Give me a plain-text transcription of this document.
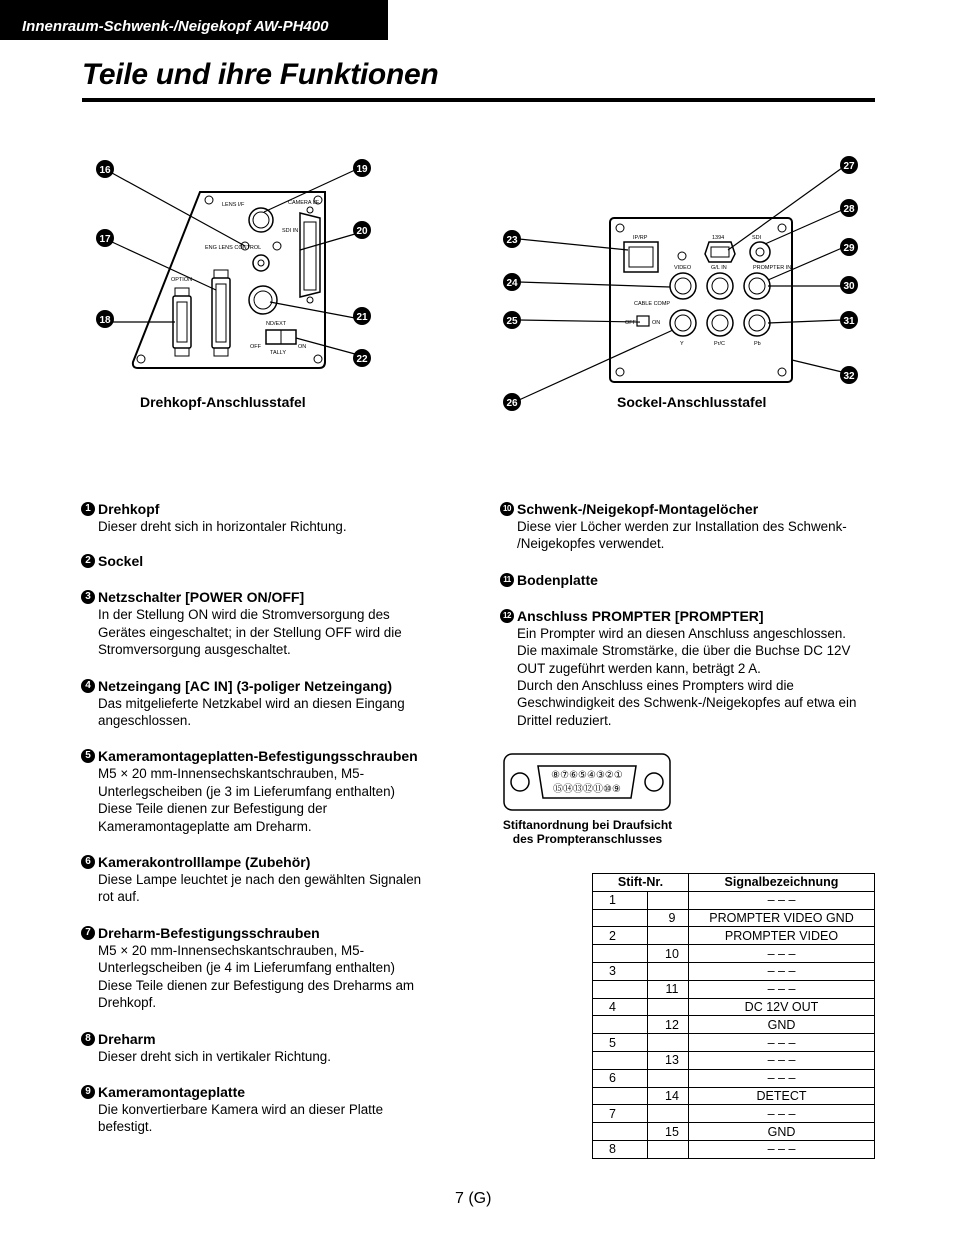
Innenraum-Schwenk-/Neigekopf AW-PH400
Teile und ihre Funktionen
LENS I/F	CAMERA I/F
SDI IN
ENG LENS CONTROL
OPTION
ND/EXT
OFF	ON
TALLY
16
17
18
19
20
21
22
IP/RP	1394	SDI
VIDEO	G/L IN	PROMPTER IN
CABLE COMP
OFF	ON
Y	Pr/C	Pb
23
24
25
26
27
28
29
30
31
32
Drehkopf-Anschlusstafel	Sockel-Anschlusstafel
1 Drehkopf
Dieser dreht sich in horizontaler Richtung.
2 Sockel
3 Netzschalter [POWER ON/OFF]
In der Stellung ON wird die Stromversorgung des
Gerätes eingeschaltet; in der Stellung OFF wird die
Stromversorgung ausgeschaltet.
4 Netzeingang [AC IN] (3-poliger Netzeingang)
Das mitgelieferte Netzkabel wird an diesen Eingang
angeschlossen.
5 Kameramontageplatten-Befestigungsschrauben
M5 × 20 mm-Innensechskantschrauben, M5-
Unterlegscheiben (je 3 im Lieferumfang enthalten)
Diese Teile dienen zur Befestigung der
Kameramontageplatte am Dreharm.
6 Kamerakontrolllampe (Zubehör)
Diese Lampe leuchtet je nach den gewählten Signalen
rot auf.
7 Dreharm-Befestigungsschrauben
M5 × 20 mm-Innensechskantschrauben, M5-
Unterlegscheiben (je 4 im Lieferumfang enthalten)
Diese Teile dienen zur Befestigung des Dreharms am
Drehkopf.
8 Dreharm
Dieser dreht sich in vertikaler Richtung.
9 Kameramontageplatte
Die konvertierbare Kamera wird an dieser Platte
befestigt.
10 Schwenk-/Neigekopf-Montagelöcher
Diese vier Löcher werden zur Installation des Schwenk-
/Neigekopfes verwendet.
11 Bodenplatte
12 Anschluss PROMPTER [PROMPTER]
Ein Prompter wird an diesen Anschluss angeschlossen.
Die maximale Stromstärke, die über die Buchse DC 12V
OUT zugeführt werden kann, beträgt 2 A.
Durch den Anschluss eines Prompters wird die
Geschwindigkeit des Schwenk-/Neigekopfes auf etwa ein
Drittel reduziert.
⑧⑦⑥⑤④③②①
⑮⑭⑬⑫⑪⑩⑨
Stiftanordnung bei Draufsicht
des Prompteranschlusses
Stift-Nr.		Signalbezeichnung
1		– – –
	9	PROMPTER VIDEO GND
2		PROMPTER VIDEO
	10	– – –
3		– – –
	11	– – –
4		DC 12V OUT
	12	GND
5		– – –
	13	– – –
6		– – –
	14	DETECT
7		– – –
	15	GND
8		– – –
7 (G)
